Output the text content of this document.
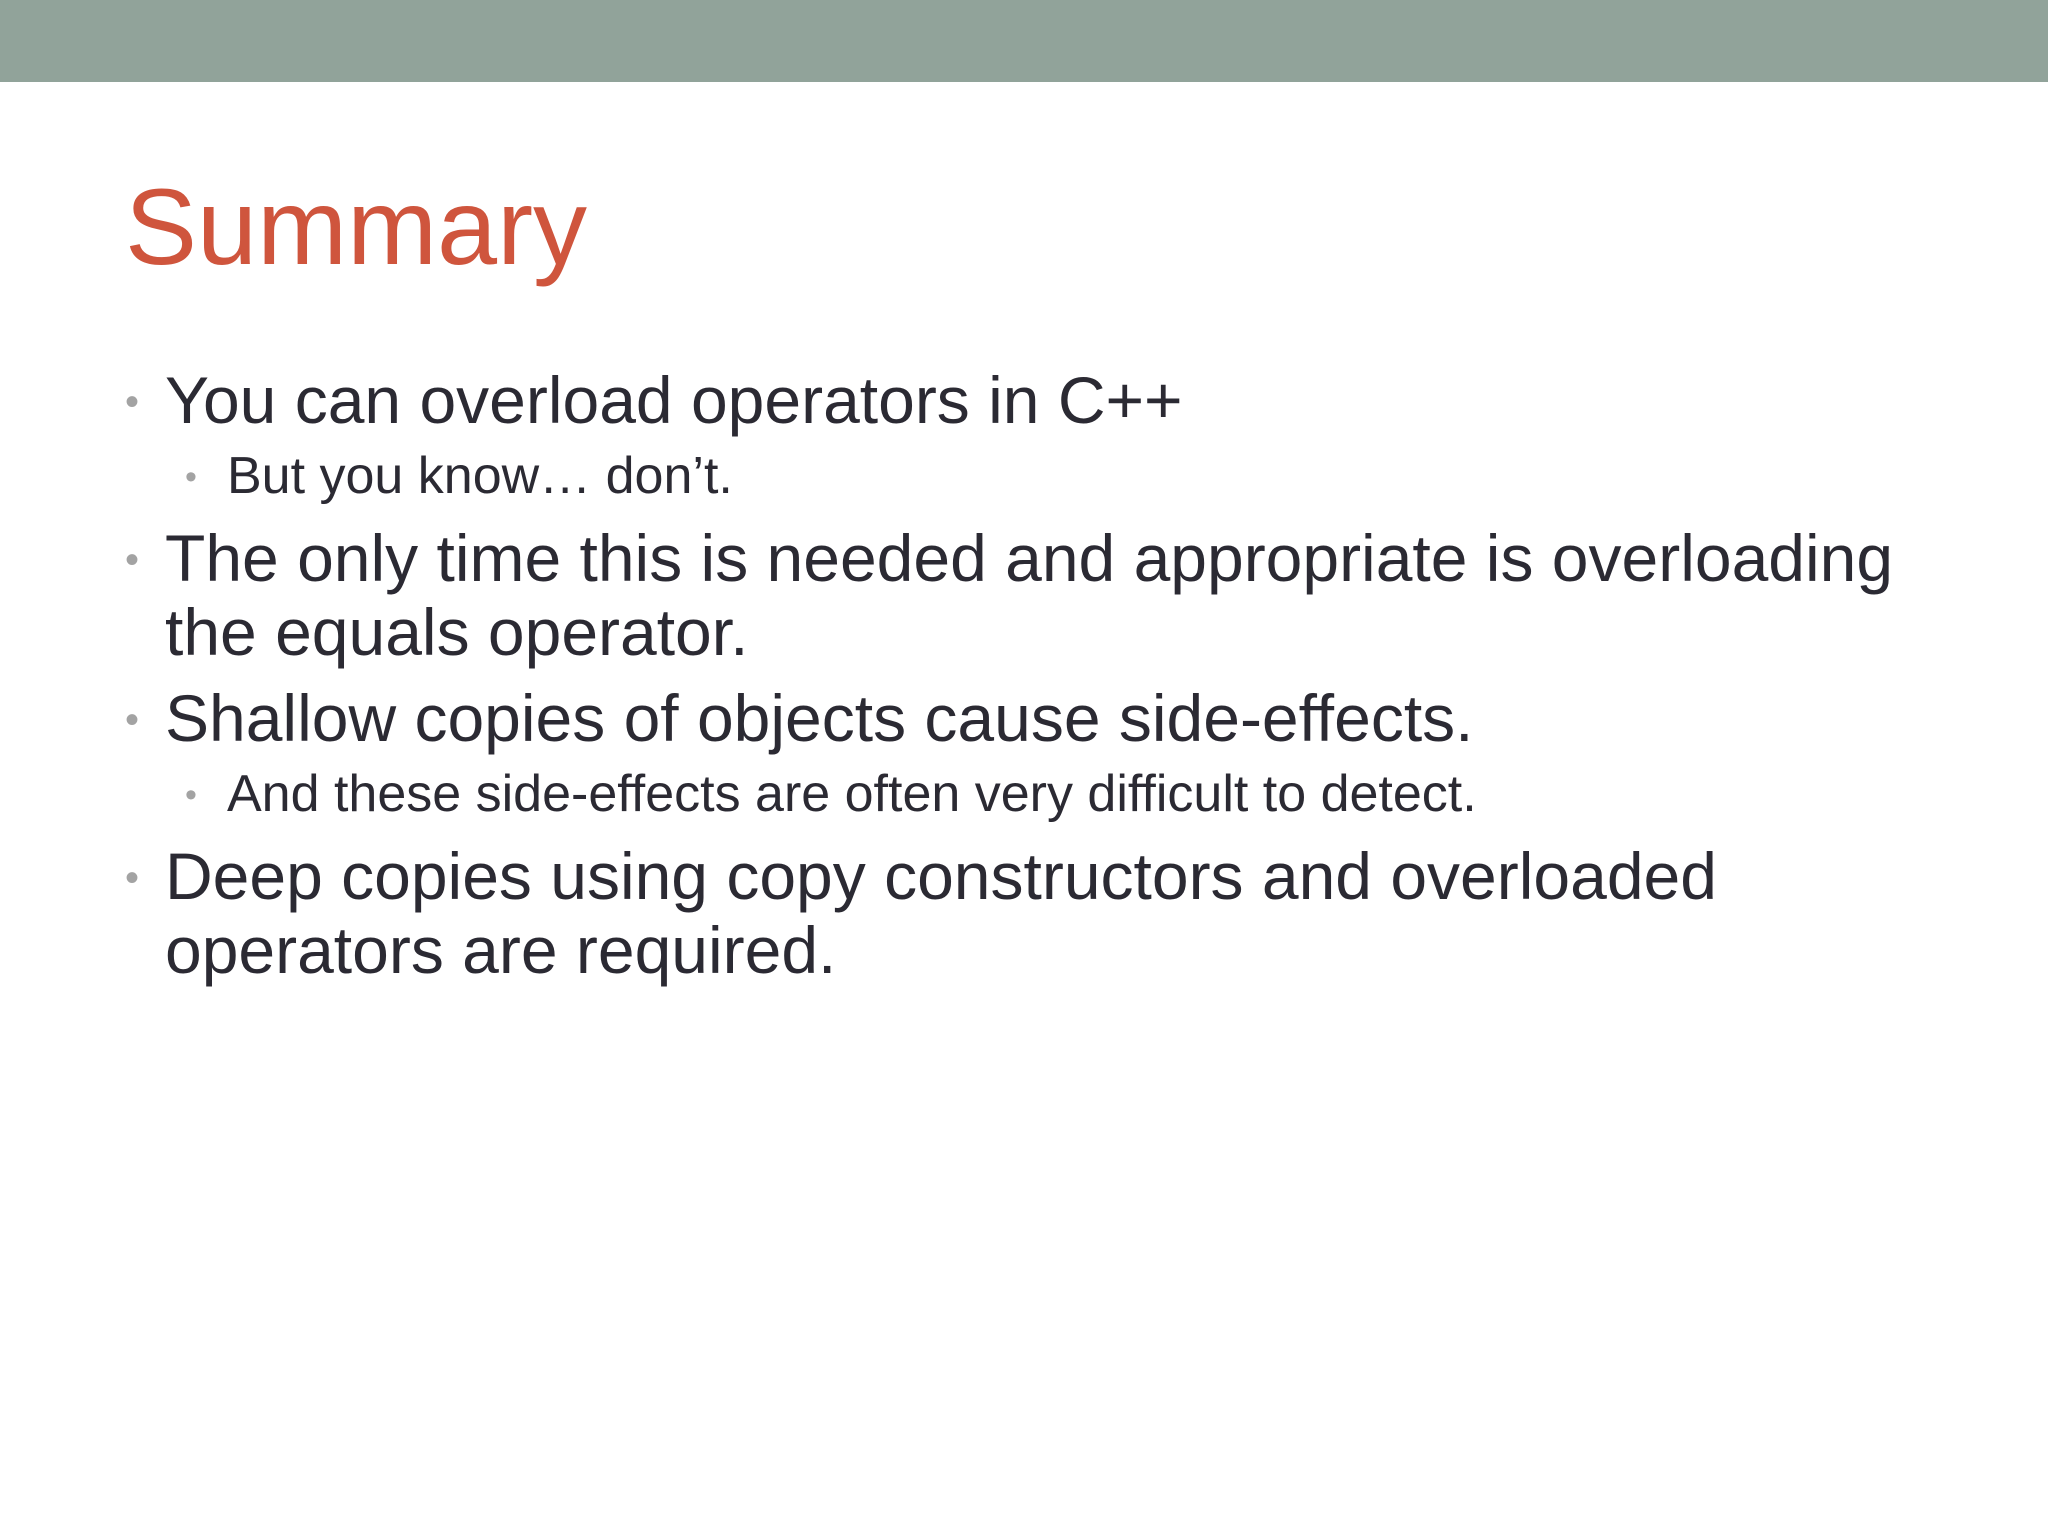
Summary
• You can overload operators in C++
• But you know… don’t.
• The only time this is needed and appropriate is overloading the equals operator.
• Shallow copies of objects cause side-effects.
• And these side-effects are often very difficult to detect.
• Deep copies using copy constructors and overloaded operators are required.
